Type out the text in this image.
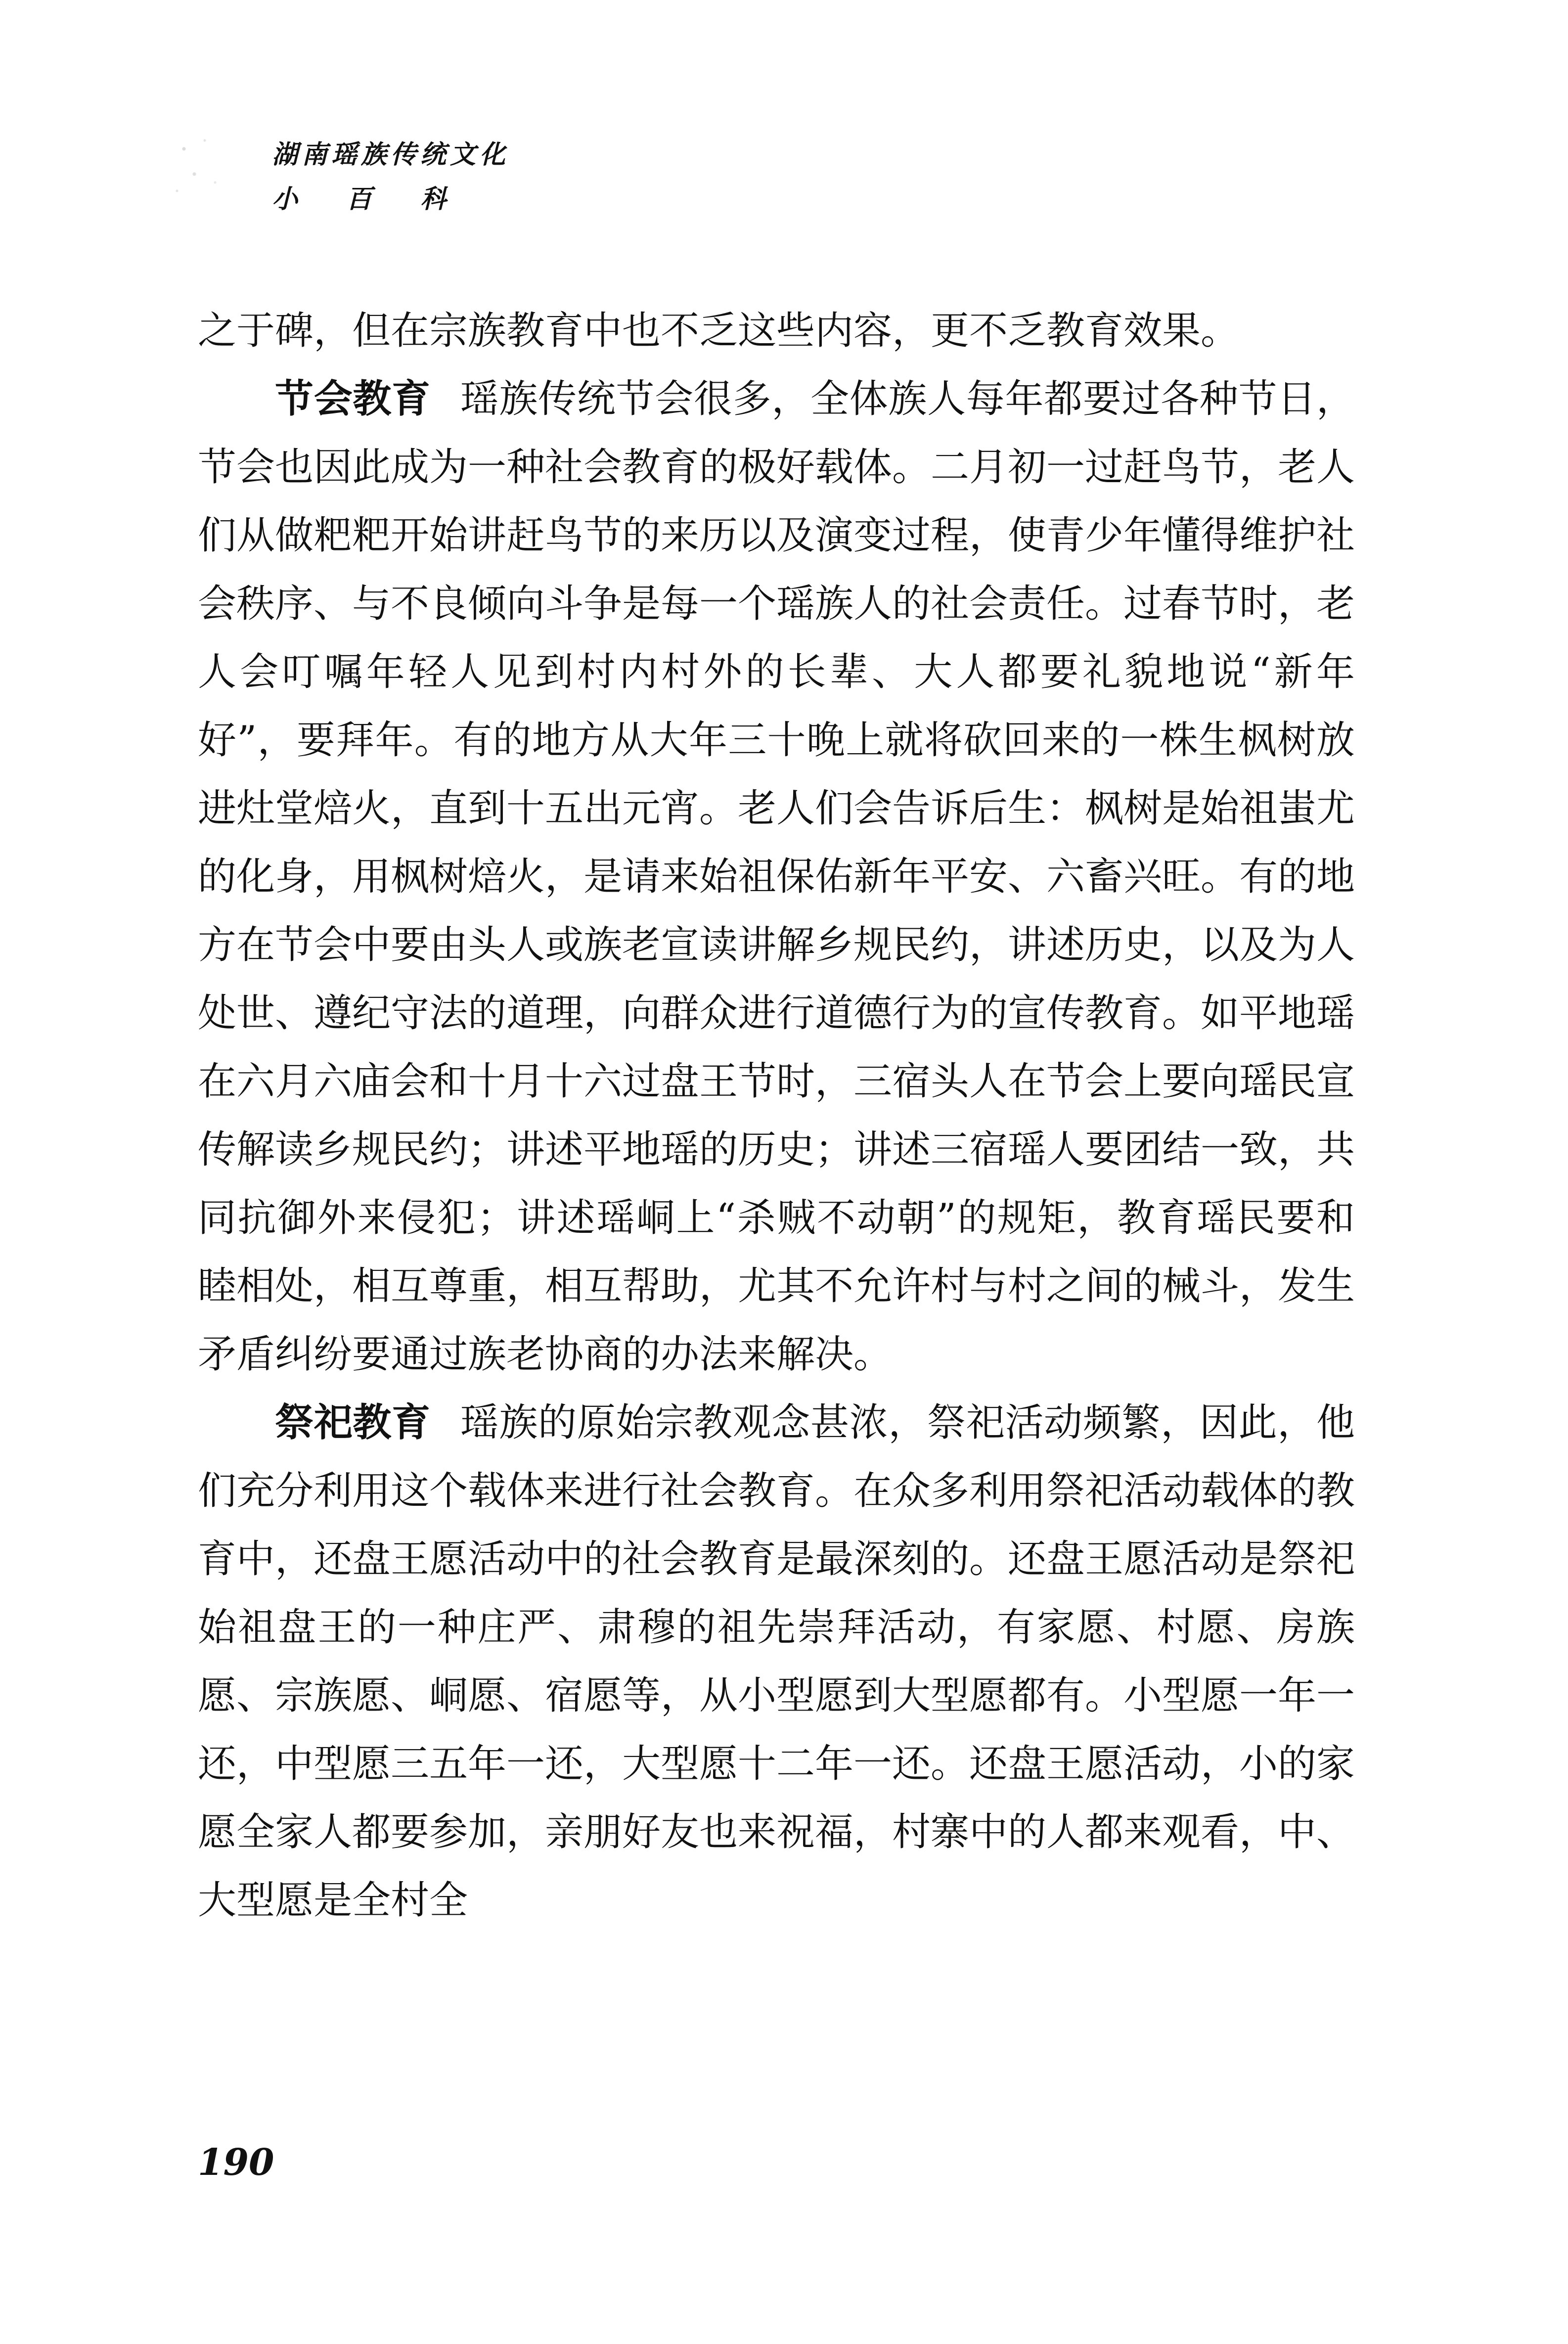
湖南瑶族传统文化
小 百 科

之于碑，但在宗族教育中也不乏这些内容，更不乏教育效果。

节会教育 瑶族传统节会很多，全体族人每年都要过各种节日，节会也因此成为一种社会教育的极好载体。二月初一过赶鸟节，老人们从做粑粑开始讲赶鸟节的来历以及演变过程，使青少年懂得维护社会秩序、与不良倾向斗争是每一个瑶族人的社会责任。过春节时，老人会叮嘱年轻人见到村内村外的长辈、大人都要礼貌地说“新年好”，要拜年。有的地方从大年三十晚上就将砍回来的一株生枫树放进灶堂焙火，直到十五出元宵。老人们会告诉后生：枫树是始祖蚩尤的化身，用枫树焙火，是请来始祖保佑新年平安、六畜兴旺。有的地方在节会中要由头人或族老宣读讲解乡规民约，讲述历史，以及为人处世、遵纪守法的道理，向群众进行道德行为的宣传教育。如平地瑶在六月六庙会和十月十六过盘王节时，三宿头人在节会上要向瑶民宣传解读乡规民约；讲述平地瑶的历史；讲述三宿瑶人要团结一致，共同抗御外来侵犯；讲述瑶峒上“杀贼不动朝”的规矩，教育瑶民要和睦相处，相互尊重，相互帮助，尤其不允许村与村之间的械斗，发生矛盾纠纷要通过族老协商的办法来解决。

祭祀教育 瑶族的原始宗教观念甚浓，祭祀活动频繁，因此，他们充分利用这个载体来进行社会教育。在众多利用祭祀活动载体的教育中，还盘王愿活动中的社会教育是最深刻的。还盘王愿活动是祭祀始祖盘王的一种庄严、肃穆的祖先崇拜活动，有家愿、村愿、房族愿、宗族愿、峒愿、宿愿等，从小型愿到大型愿都有。小型愿一年一还，中型愿三五年一还，大型愿十二年一还。还盘王愿活动，小的家愿全家人都要参加，亲朋好友也来祝福，村寨中的人都来观看，中、大型愿是全村全

190
